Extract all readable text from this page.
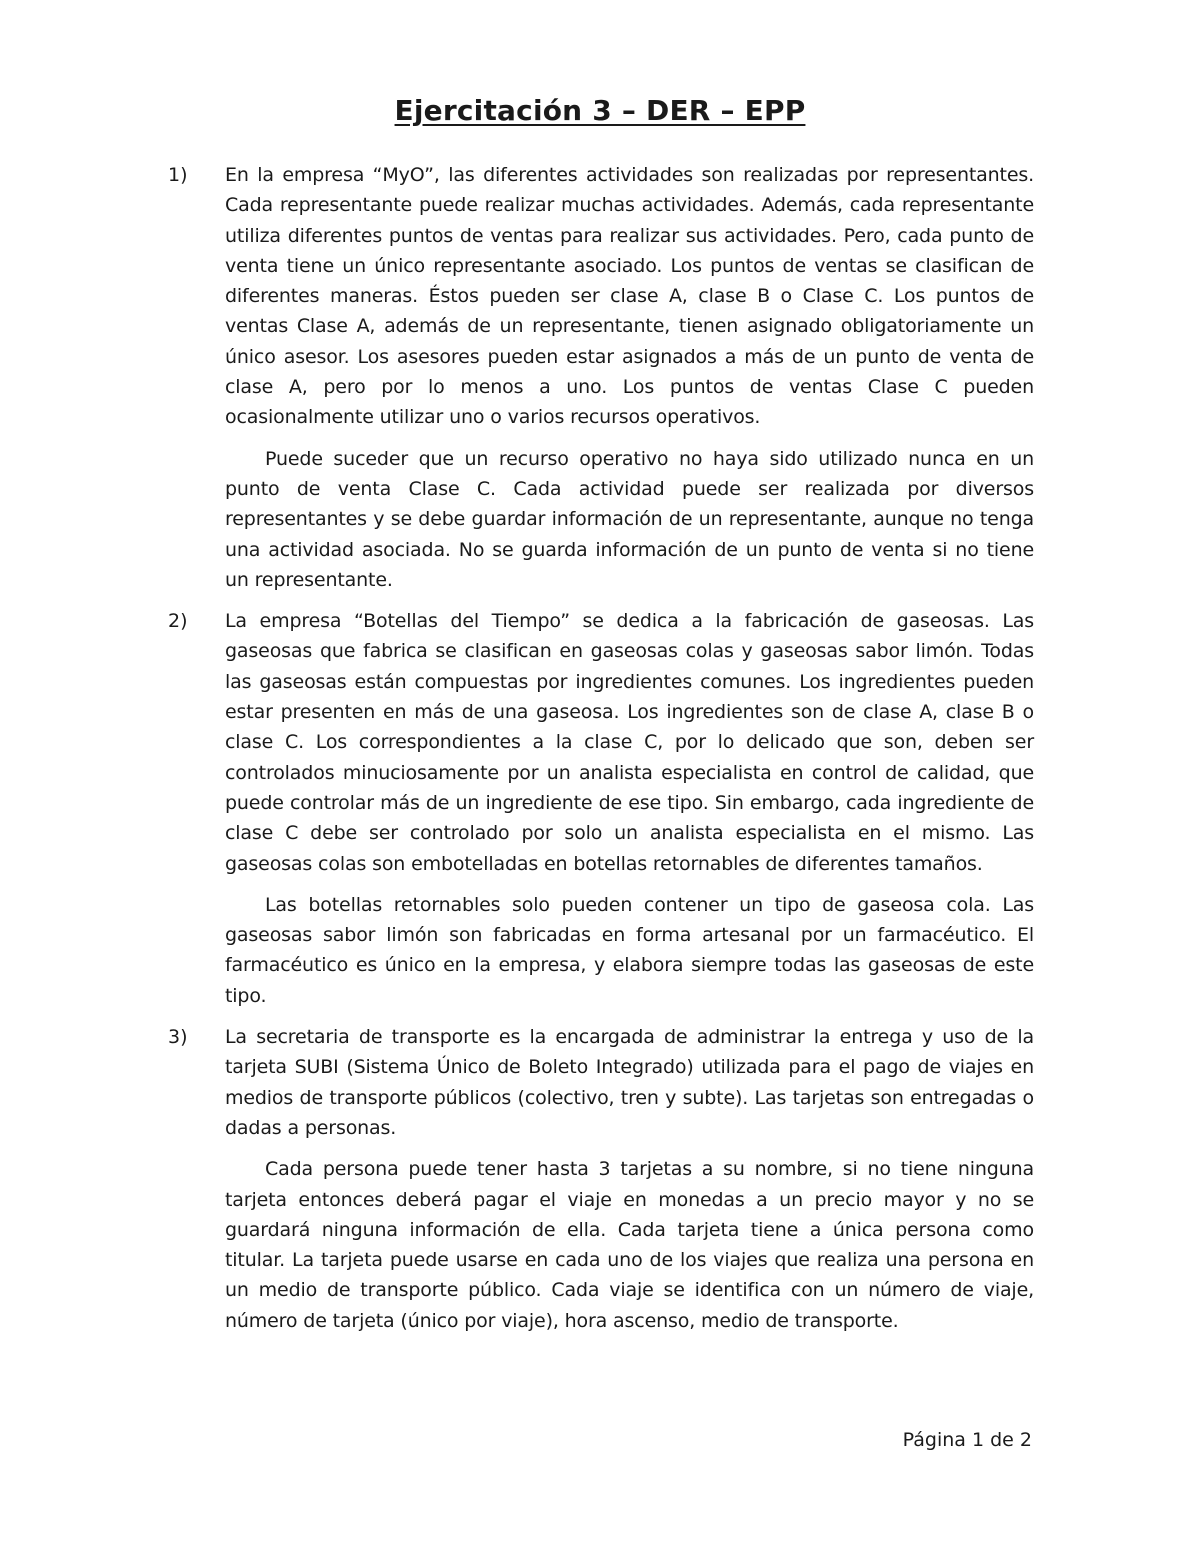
Ejercitación 3 – DER – EPP
1) En la empresa “MyO”, las diferentes actividades son realizadas por representantes. Cada representante puede realizar muchas actividades. Además, cada representante utiliza diferentes puntos de ventas para realizar sus actividades. Pero, cada punto de venta tiene un único representante asociado. Los puntos de ventas se clasifican de diferentes maneras. Éstos pueden ser clase A, clase B o Clase C. Los puntos de ventas Clase A, además de un representante, tienen asignado obligatoriamente un único asesor. Los asesores pueden estar asignados a más de un punto de venta de clase A, pero por lo menos a uno. Los puntos de ventas Clase C pueden ocasionalmente utilizar uno o varios recursos operativos.

Puede suceder que un recurso operativo no haya sido utilizado nunca en un punto de venta Clase C. Cada actividad puede ser realizada por diversos representantes y se debe guardar información de un representante, aunque no tenga una actividad asociada. No se guarda información de un punto de venta si no tiene un representante.

2) La empresa “Botellas del Tiempo” se dedica a la fabricación de gaseosas. Las gaseosas que fabrica se clasifican en gaseosas colas y gaseosas sabor limón. Todas las gaseosas están compuestas por ingredientes comunes. Los ingredientes pueden estar presenten en más de una gaseosa. Los ingredientes son de clase A, clase B o clase C. Los correspondientes a la clase C, por lo delicado que son, deben ser controlados minuciosamente por un analista especialista en control de calidad, que puede controlar más de un ingrediente de ese tipo. Sin embargo, cada ingrediente de clase C debe ser controlado por solo un analista especialista en el mismo. Las gaseosas colas son embotelladas en botellas retornables de diferentes tamaños.

Las botellas retornables solo pueden contener un tipo de gaseosa cola. Las gaseosas sabor limón son fabricadas en forma artesanal por un farmacéutico. El farmacéutico es único en la empresa, y elabora siempre todas las gaseosas de este tipo.

3) La secretaria de transporte es la encargada de administrar la entrega y uso de la tarjeta SUBI (Sistema Único de Boleto Integrado) utilizada para el pago de viajes en medios de transporte públicos (colectivo, tren y subte). Las tarjetas son entregadas o dadas a personas.

Cada persona puede tener hasta 3 tarjetas a su nombre, si no tiene ninguna tarjeta entonces deberá pagar el viaje en monedas a un precio mayor y no se guardará ninguna información de ella. Cada tarjeta tiene a única persona como titular. La tarjeta puede usarse en cada uno de los viajes que realiza una persona en un medio de transporte público. Cada viaje se identifica con un número de viaje, número de tarjeta (único por viaje), hora ascenso, medio de transporte.

Página 1 de 2
